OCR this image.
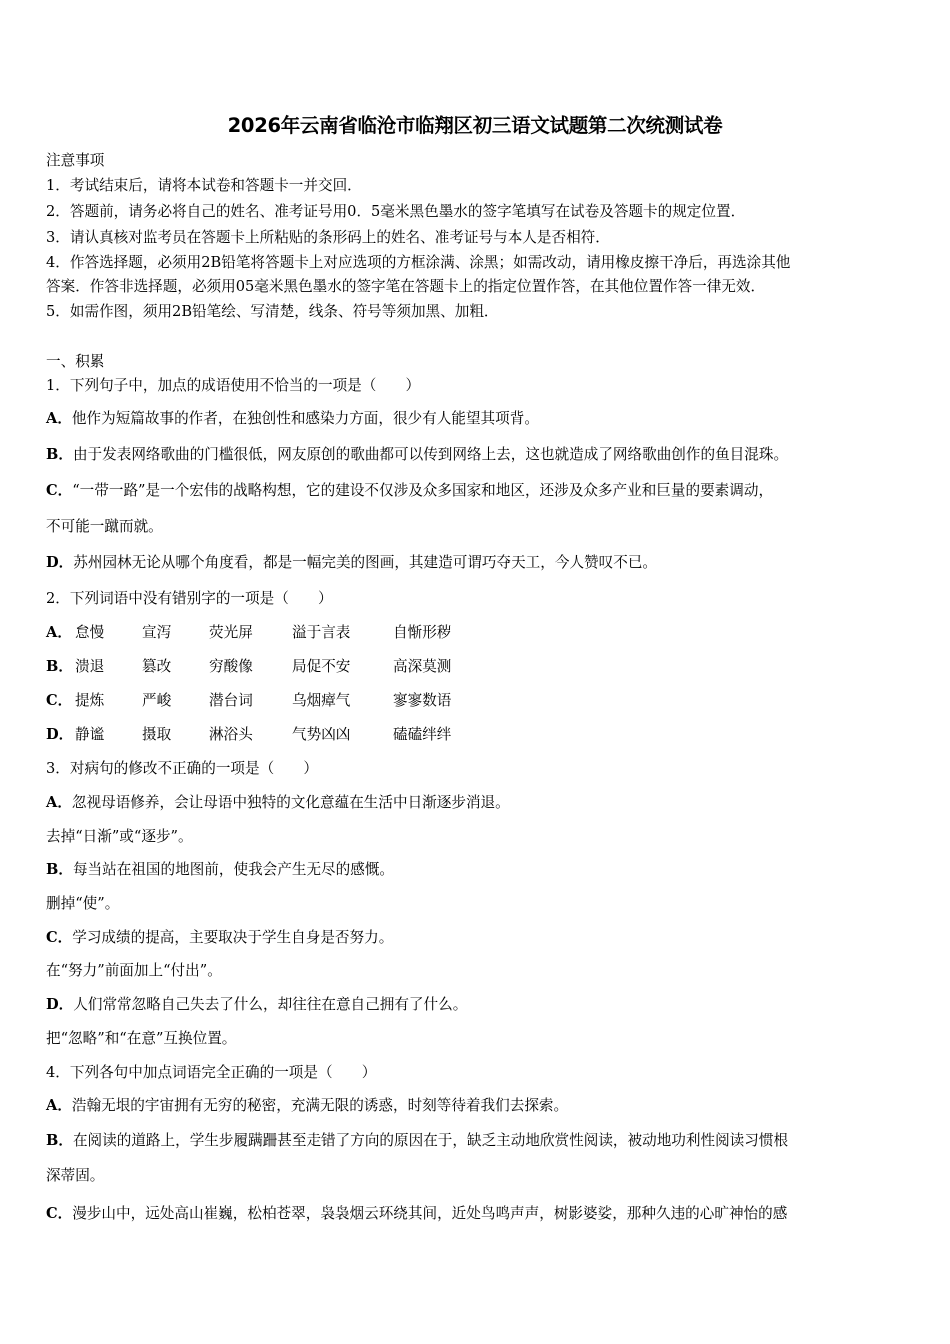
2026年云南省临沧市临翔区初三语文试题第二次统测试卷
注意事项
1．考试结束后，请将本试卷和答题卡一并交回．
2．答题前，请务必将自己的姓名、准考证号用0．5毫米黑色墨水的签字笔填写在试卷及答题卡的规定位置．
3．请认真核对监考员在答题卡上所粘贴的条形码上的姓名、准考证号与本人是否相符．
4．作答选择题，必须用2B铅笔将答题卡上对应选项的方框涂满、涂黑；如需改动，请用橡皮擦干净后，再选涂其他
答案．作答非选择题，必须用05毫米黑色墨水的签字笔在答题卡上的指定位置作答，在其他位置作答一律无效．
5．如需作图，须用2B铅笔绘、写清楚，线条、符号等须加黑、加粗．
一、积累
1．下列句子中，加点的成语使用不恰当的一项是（　　）
A．他作为短篇故事的作者，在独创性和感染力方面，很少有人能望其项背。
B．由于发表网络歌曲的门槛很低，网友原创的歌曲都可以传到网络上去，这也就造成了网络歌曲创作的鱼目混珠。
C．“一带一路”是一个宏伟的战略构想，它的建设不仅涉及众多国家和地区，还涉及众多产业和巨量的要素调动，
不可能一蹴而就。
D．苏州园林无论从哪个角度看，都是一幅完美的图画，其建造可谓巧夺天工，今人赞叹不已。
2．下列词语中没有错别字的一项是（　　）
A． 怠慢	宣泻	荧光屏	溢于言表	自惭形秽
B． 溃退	篡改	穷酸像	局促不安	高深莫测
C． 提炼	严峻	潜台词	乌烟瘴气	寥寥数语
D． 静谧	摄取	淋浴头	气势凶凶	磕磕绊绊
3．对病句的修改不正确的一项是（　　）
A．忽视母语修养，会让母语中独特的文化意蕴在生活中日渐逐步消退。
去掉“日渐”或“逐步”。
B．每当站在祖国的地图前，使我会产生无尽的感慨。
删掉“使”。
C．学习成绩的提高，主要取决于学生自身是否努力。
在“努力”前面加上“付出”。
D．人们常常忽略自己失去了什么，却往往在意自己拥有了什么。
把“忽略”和“在意”互换位置。
4．下列各句中加点词语完全正确的一项是（　　）
A．浩翰无垠的宇宙拥有无穷的秘密，充满无限的诱惑，时刻等待着我们去探索。
B．在阅读的道路上，学生步履蹒跚甚至走错了方向的原因在于，缺乏主动地欣赏性阅读，被动地功利性阅读习惯根
深蒂固。
C．漫步山中，远处高山崔巍，松柏苍翠，袅袅烟云环绕其间，近处鸟鸣声声，树影婆娑，那种久违的心旷神怡的感
